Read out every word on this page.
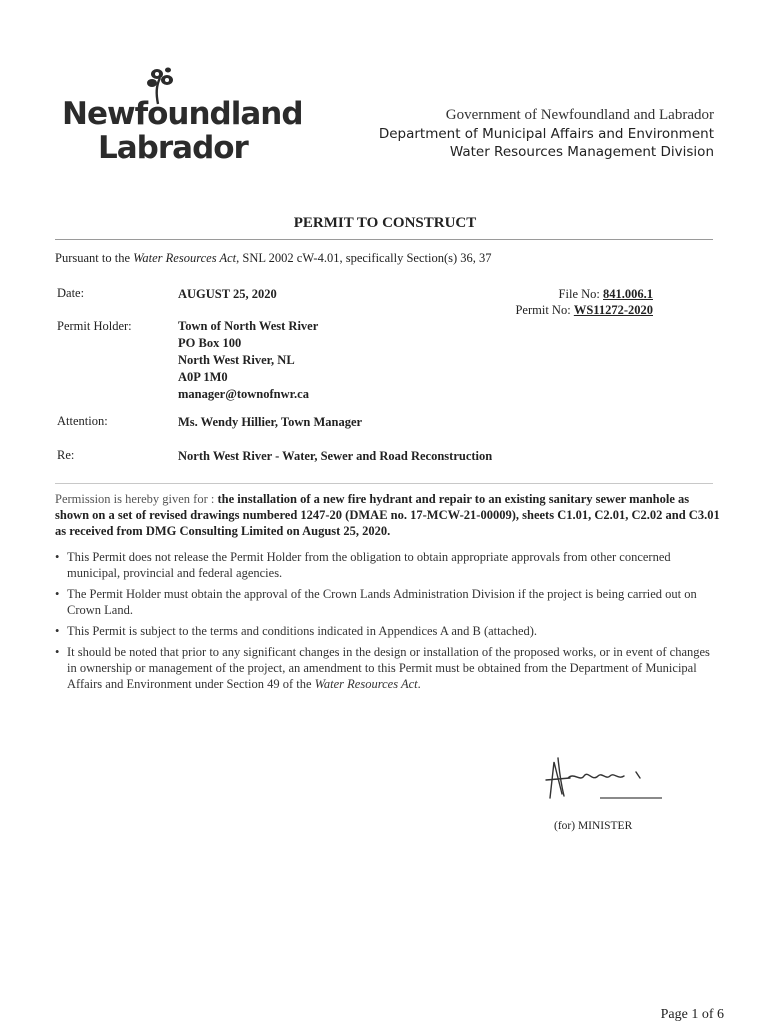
Newfoundland
Labrador
Government of Newfoundland and Labrador
Department of Municipal Affairs and Environment
Water Resources Management Division
PERMIT TO CONSTRUCT
Pursuant to the Water Resources Act, SNL 2002 cW-4.01, specifically Section(s) 36, 37
Date:	AUGUST 25, 2020	File No: 841.006.1
Permit No: WS11272-2020
Permit Holder:	Town of North West River
PO Box 100
North West River, NL
A0P 1M0
manager@townofnwr.ca
Attention:	Ms. Wendy Hillier, Town Manager
Re:	North West River - Water, Sewer and Road Reconstruction
Permission is hereby given for : the installation of a new fire hydrant and repair to an existing sanitary sewer manhole as shown on a set of revised drawings numbered 1247-20 (DMAE no. 17-MCW-21-00009), sheets C1.01, C2.01, C2.02 and C3.01 as received from DMG Consulting Limited on August 25, 2020.
• This Permit does not release the Permit Holder from the obligation to obtain appropriate approvals from other concerned municipal, provincial and federal agencies.
• The Permit Holder must obtain the approval of the Crown Lands Administration Division if the project is being carried out on Crown Land.
• This Permit is subject to the terms and conditions indicated in Appendices A and B (attached).
• It should be noted that prior to any significant changes in the design or installation of the proposed works, or in event of changes in ownership or management of the project, an amendment to this Permit must be obtained from the Department of Municipal Affairs and Environment under Section 49 of the Water Resources Act.
(for) MINISTER
Page 1 of 6
